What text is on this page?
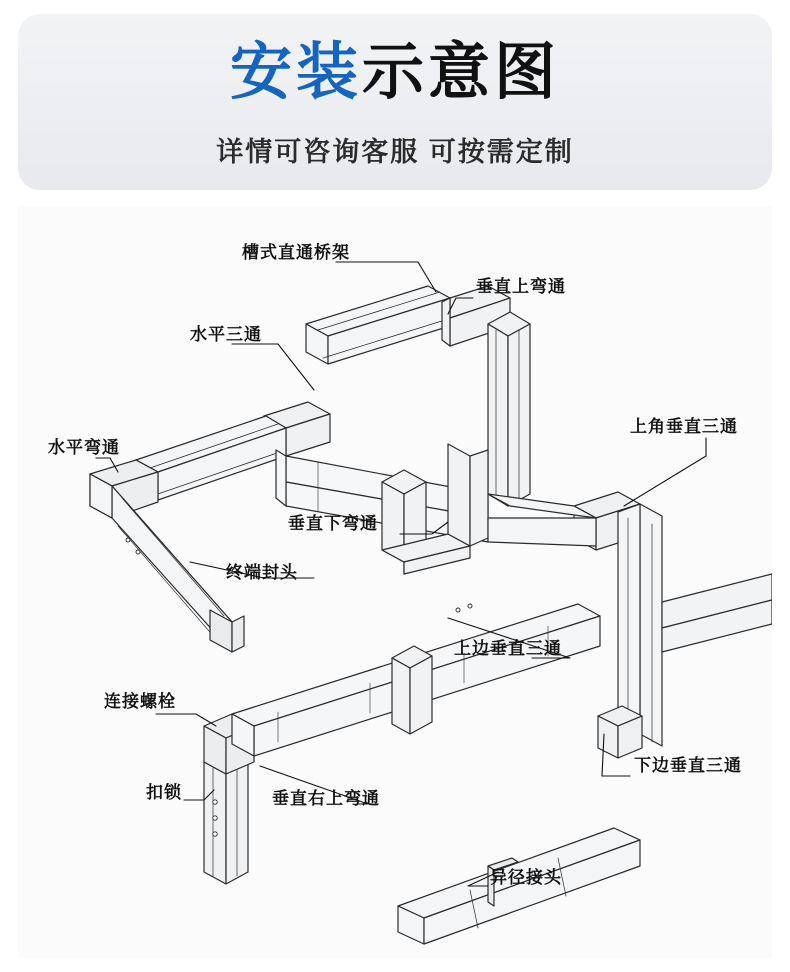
安装示意图
详情可咨询客服 可按需定制
槽式直通桥架
垂直上弯通
水平三通
上角垂直三通
水平弯通
垂直下弯通
终端封头
上边垂直三通
连接螺栓
下边垂直三通
扣锁	垂直右上弯通
异径接头
